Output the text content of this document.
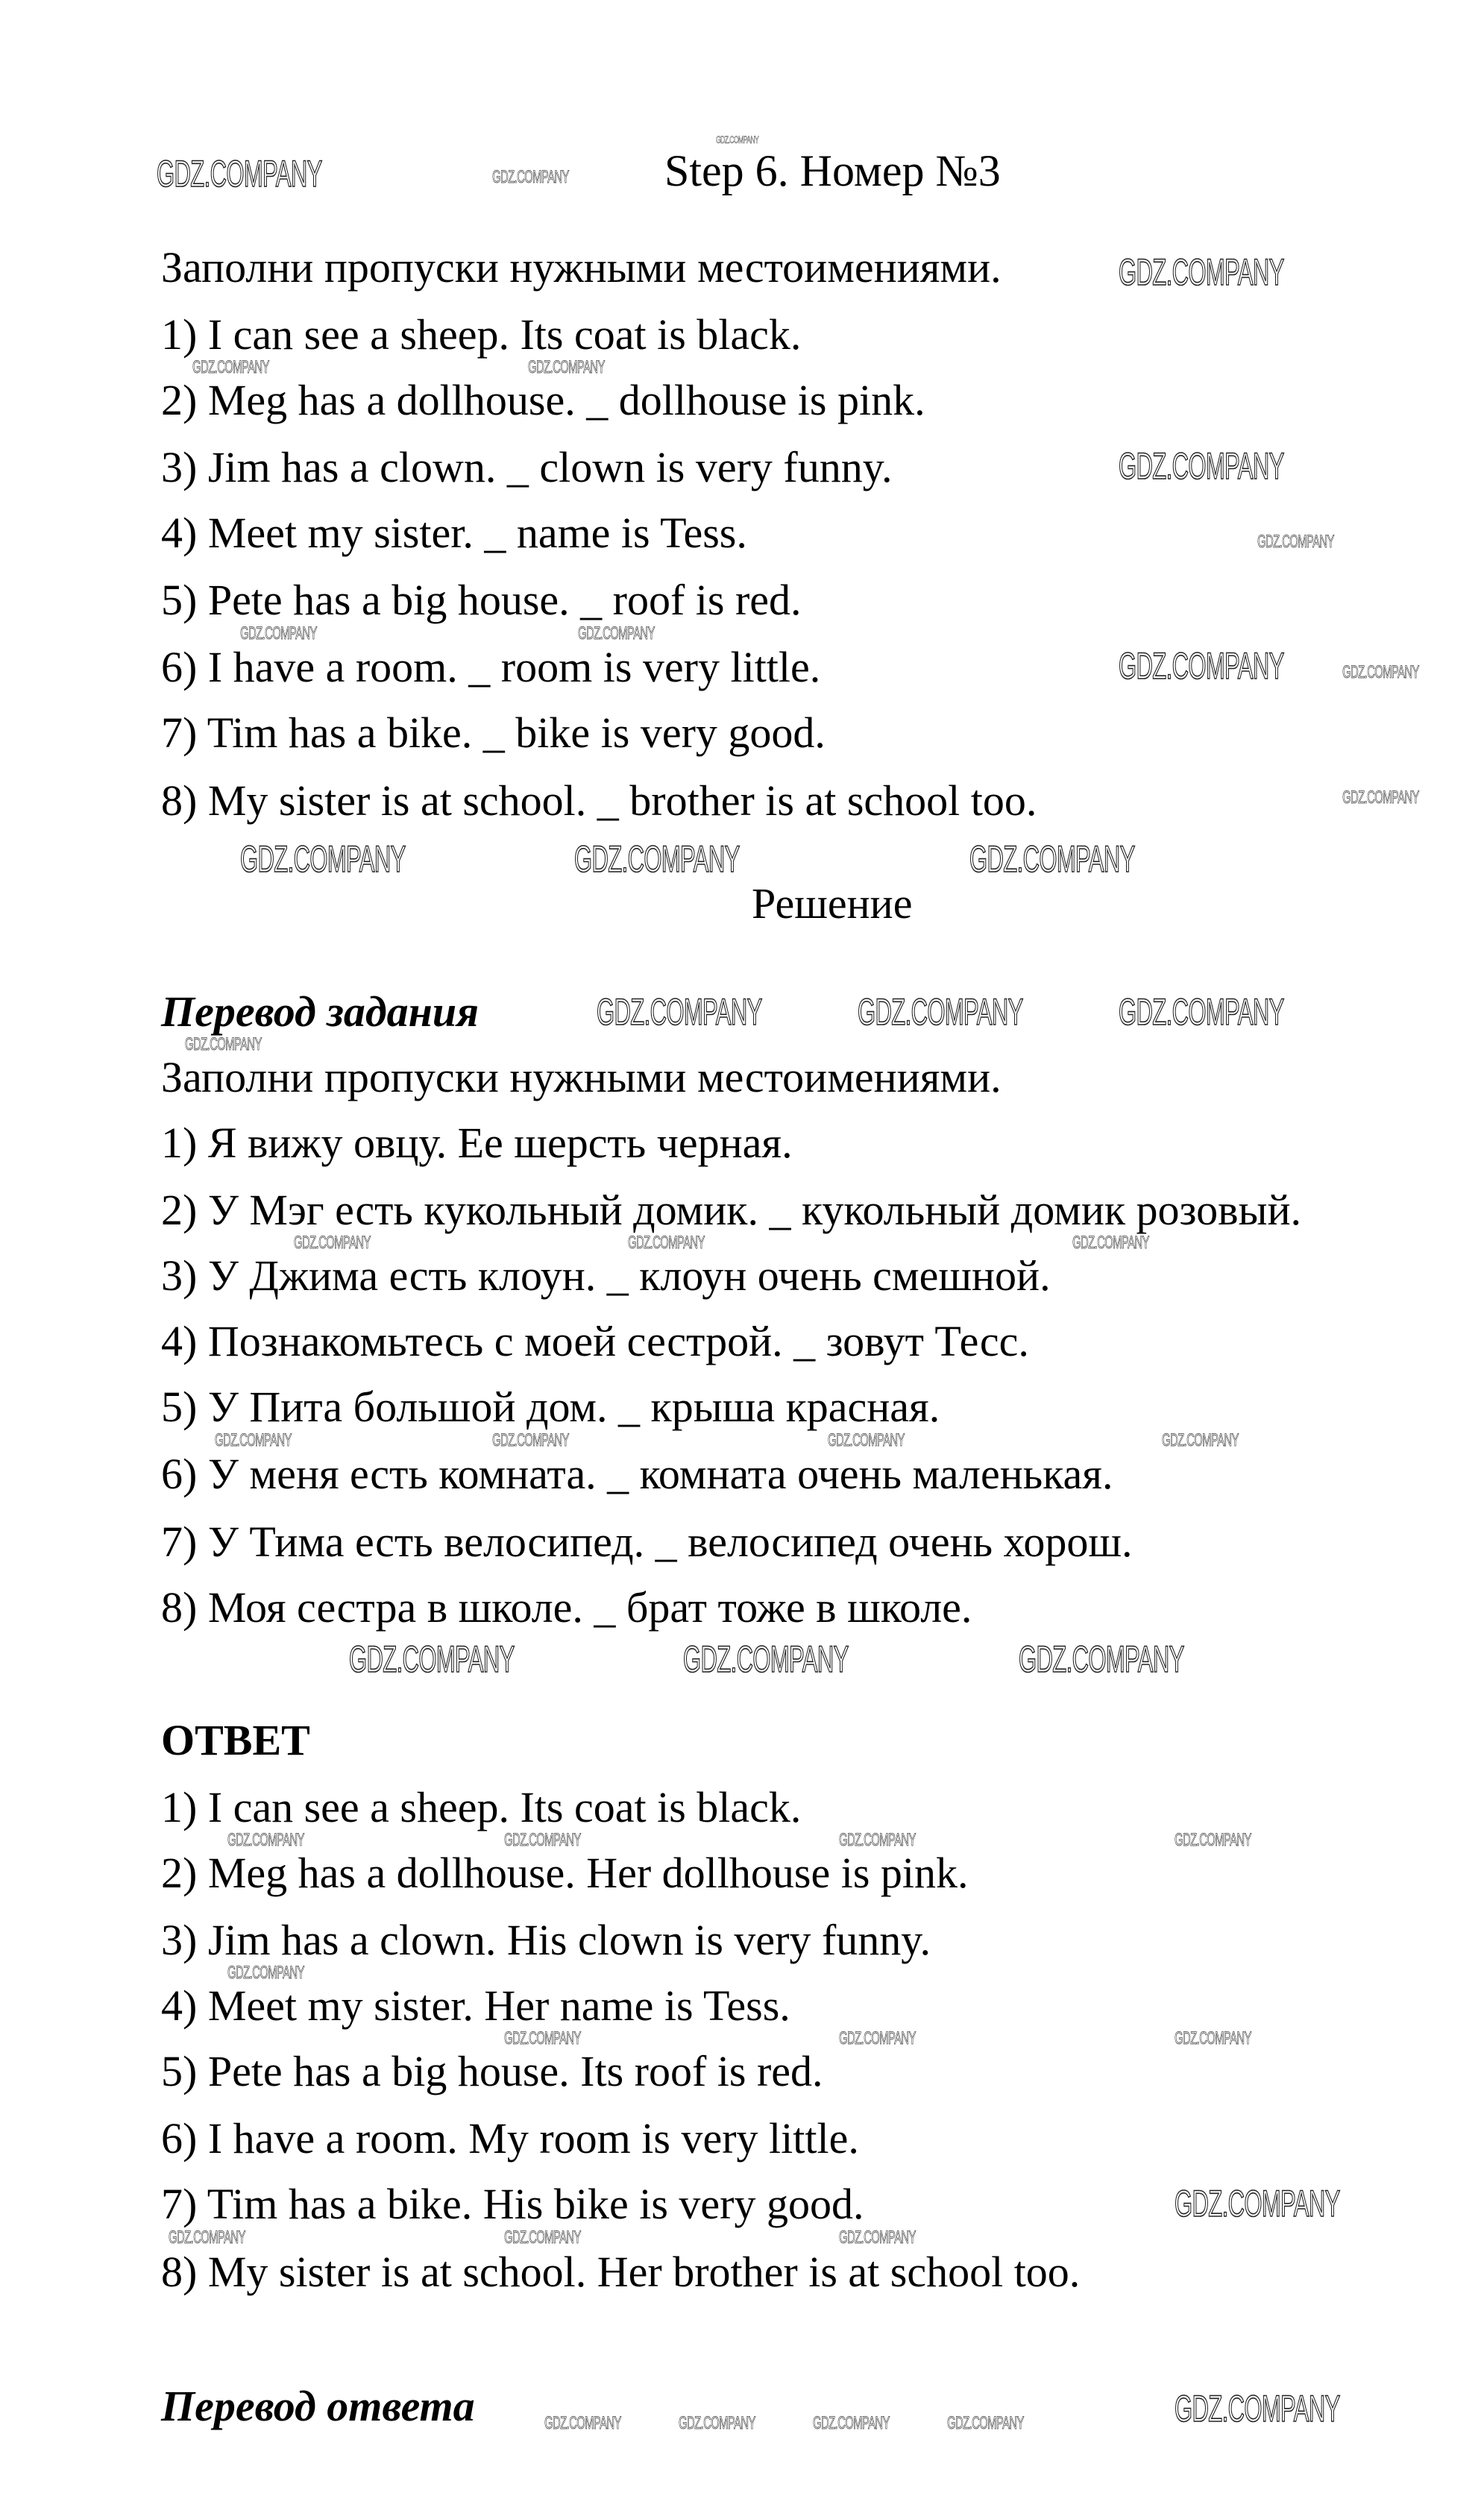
Step 6. Номер №3
Заполни пропуски нужными местоимениями.
1) I can see a sheep. Its coat is black.
2) Meg has a dollhouse. _ dollhouse is pink.
3) Jim has a clown. _ clown is very funny.
4) Meet my sister. _ name is Tess.
5) Pete has a big house. _ roof is red.
6) I have a room. _ room is very little.
7) Tim has a bike. _ bike is very good.
8) My sister is at school. _ brother is at school too.
Решение
Перевод задания
Заполни пропуски нужными местоимениями.
1) Я вижу овцу. Ее шерсть черная.
2) У Мэг есть кукольный домик. _ кукольный домик розовый.
3) У Джима есть клоун. _ клоун очень смешной.
4) Познакомьтесь с моей сестрой. _ зовут Тесс.
5) У Пита большой дом. _ крыша красная.
6) У меня есть комната. _ комната очень маленькая.
7) У Тима есть велосипед. _ велосипед очень хорош.
8) Моя сестра в школе. _ брат тоже в школе.
ОТВЕТ
1) I can see a sheep. Its coat is black.
2) Meg has a dollhouse. Her dollhouse is pink.
3) Jim has a clown. His clown is very funny.
4) Meet my sister. Her name is Tess.
5) Pete has a big house. Its roof is red.
6) I have a room. My room is very little.
7) Tim has a bike. His bike is very good.
8) My sister is at school. Her brother is at school too.
Перевод ответа
GDZ.COMPANY	GDZ.COMPANY
GDZ.COMPANY
GDZ.COMPANY
GDZ.COMPANY	GDZ.COMPANY
GDZ.COMPANY
GDZ.COMPANY
GDZ.COMPANY	GDZ.COMPANY
GDZ.COMPANY	GDZ.COMPANY
GDZ.COMPANY
GDZ.COMPANY	GDZ.COMPANY	GDZ.COMPANY
GDZ.COMPANY
GDZ.COMPANY	GDZ.COMPANY	GDZ.COMPANY
GDZ.COMPANY	GDZ.COMPANY	GDZ.COMPANY
GDZ.COMPANY	GDZ.COMPANY	GDZ.COMPANY	GDZ.COMPANY
GDZ.COMPANY	GDZ.COMPANY	GDZ.COMPANY
GDZ.COMPANY	GDZ.COMPANY	GDZ.COMPANY	GDZ.COMPANY
GDZ.COMPANY
GDZ.COMPANY	GDZ.COMPANY	GDZ.COMPANY
GDZ.COMPANY	GDZ.COMPANY	GDZ.COMPANY
GDZ.COMPANY
GDZ.COMPANY	GDZ.COMPANY	GDZ.COMPANY	GDZ.COMPANY	GDZ.COMPANY
